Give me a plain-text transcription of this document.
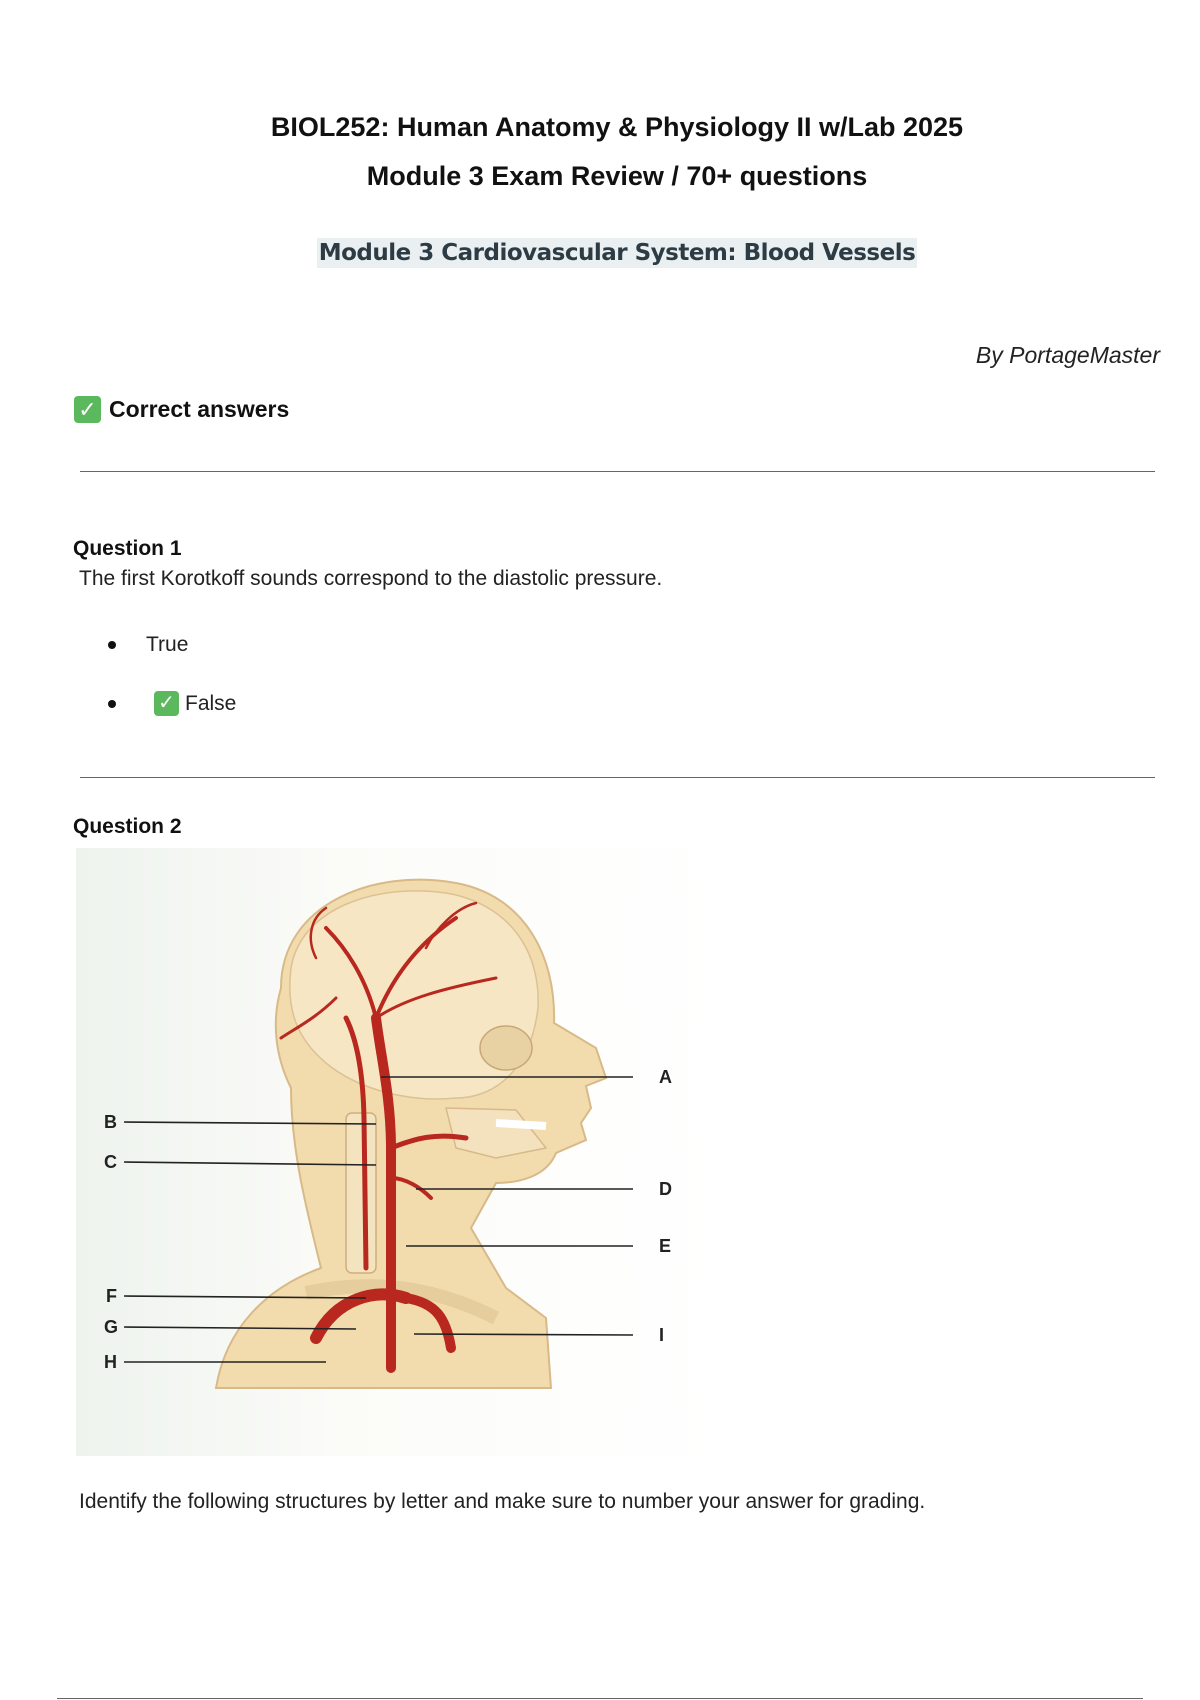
BIOL252: Human Anatomy & Physiology II w/Lab 2025
Module 3 Exam Review / 70+ questions
Module 3 Cardiovascular System: Blood Vessels
By PortageMaster
✓ Correct answers
Question 1
The first Korotkoff sounds correspond to the diastolic pressure.
True
✓ False
Question 2
A
B
C
D
E
F
G
H
I
Identify the following structures by letter and make sure to number your answer for grading.
